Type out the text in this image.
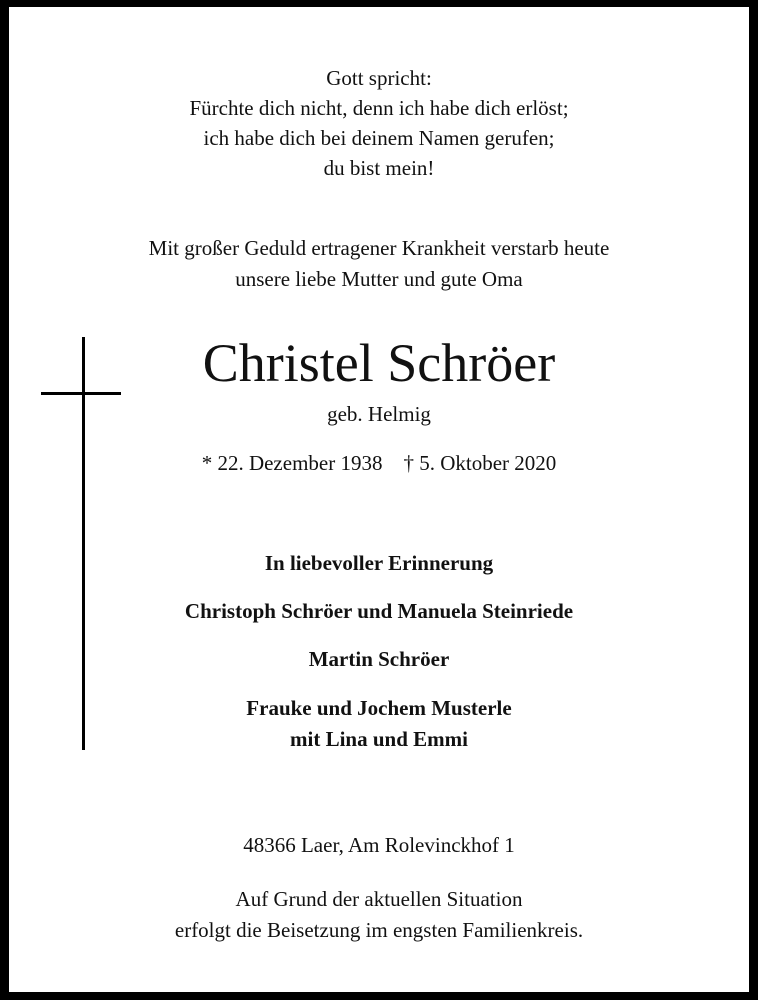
Gott spricht:
Fürchte dich nicht, denn ich habe dich erlöst;
ich habe dich bei deinem Namen gerufen;
du bist mein!
Mit großer Geduld ertragener Krankheit verstarb heute
unsere liebe Mutter und gute Oma
Christel Schröer
geb. Helmig
* 22. Dezember 1938 † 5. Oktober 2020
In liebevoller Erinnerung
Christoph Schröer und Manuela Steinriede
Martin Schröer
Frauke und Jochem Musterle
mit Lina und Emmi
48366 Laer, Am Rolevinckhof 1
Auf Grund der aktuellen Situation
erfolgt die Beisetzung im engsten Familienkreis.
